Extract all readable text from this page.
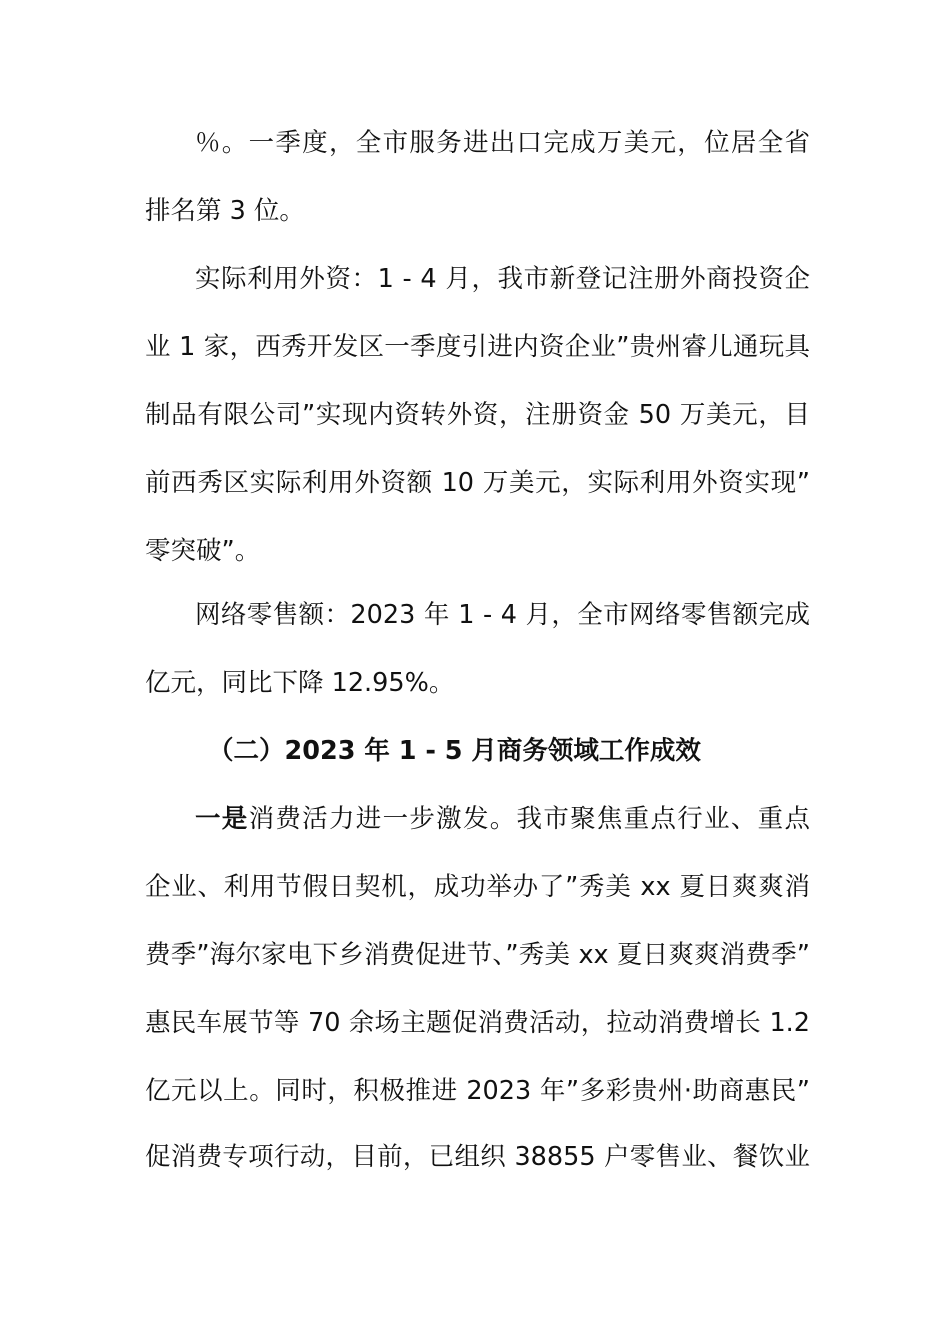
％。一季度，全市服务进出口完成万美元，位居全省
排名第 3 位。
实际利用外资：1 - 4 月，我市新登记注册外商投资企
业 1 家，西秀开发区一季度引进内资企业”贵州睿儿通玩具
制品有限公司”实现内资转外资，注册资金 50 万美元，目
前西秀区实际利用外资额 10 万美元，实际利用外资实现”
零突破”。
网络零售额：2023 年 1 - 4 月，全市网络零售额完成
亿元，同比下降 12.95%。
（二）2023 年 1 - 5 月商务领域工作成效
一是消费活力进一步激发。我市聚焦重点行业、重点
企业、利用节假日契机，成功举办了”秀美 xx 夏日爽爽消
费季”海尔家电下乡消费促进节、”秀美 xx 夏日爽爽消费季”
惠民车展节等 70 余场主题促消费活动，拉动消费增长 1.2
亿元以上。同时，积极推进 2023 年”多彩贵州·助商惠民”
促消费专项行动，目前，已组织 38855 户零售业、餐饮业
